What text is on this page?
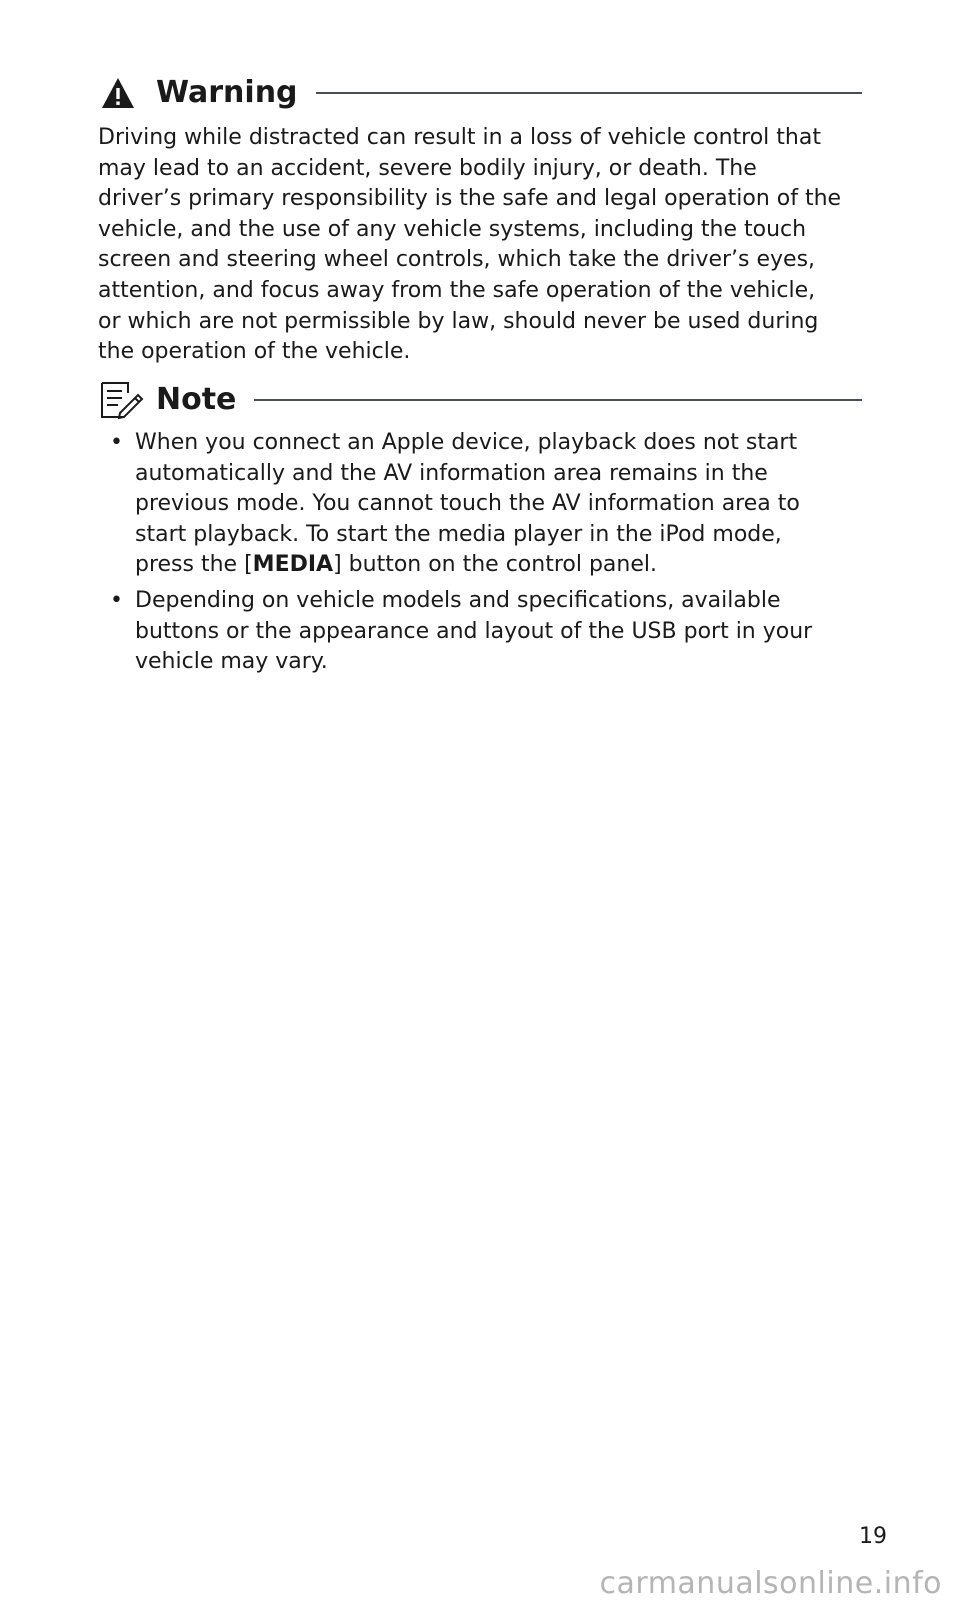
Warning

Driving while distracted can result in a loss of vehicle control that may lead to an accident, severe bodily injury, or death. The driver’s primary responsibility is the safe and legal operation of the vehicle, and the use of any vehicle systems, including the touch screen and steering wheel controls, which take the driver’s eyes, attention, and focus away from the safe operation of the vehicle, or which are not permissible by law, should never be used during the operation of the vehicle.

Note
• When you connect an Apple device, playback does not start automatically and the AV information area remains in the previous mode. You cannot touch the AV information area to start playback. To start the media player in the iPod mode, press the [MEDIA] button on the control panel.
• Depending on vehicle models and specifications, available buttons or the appearance and layout of the USB port in your vehicle may vary.
19
carmanualsonline.info
